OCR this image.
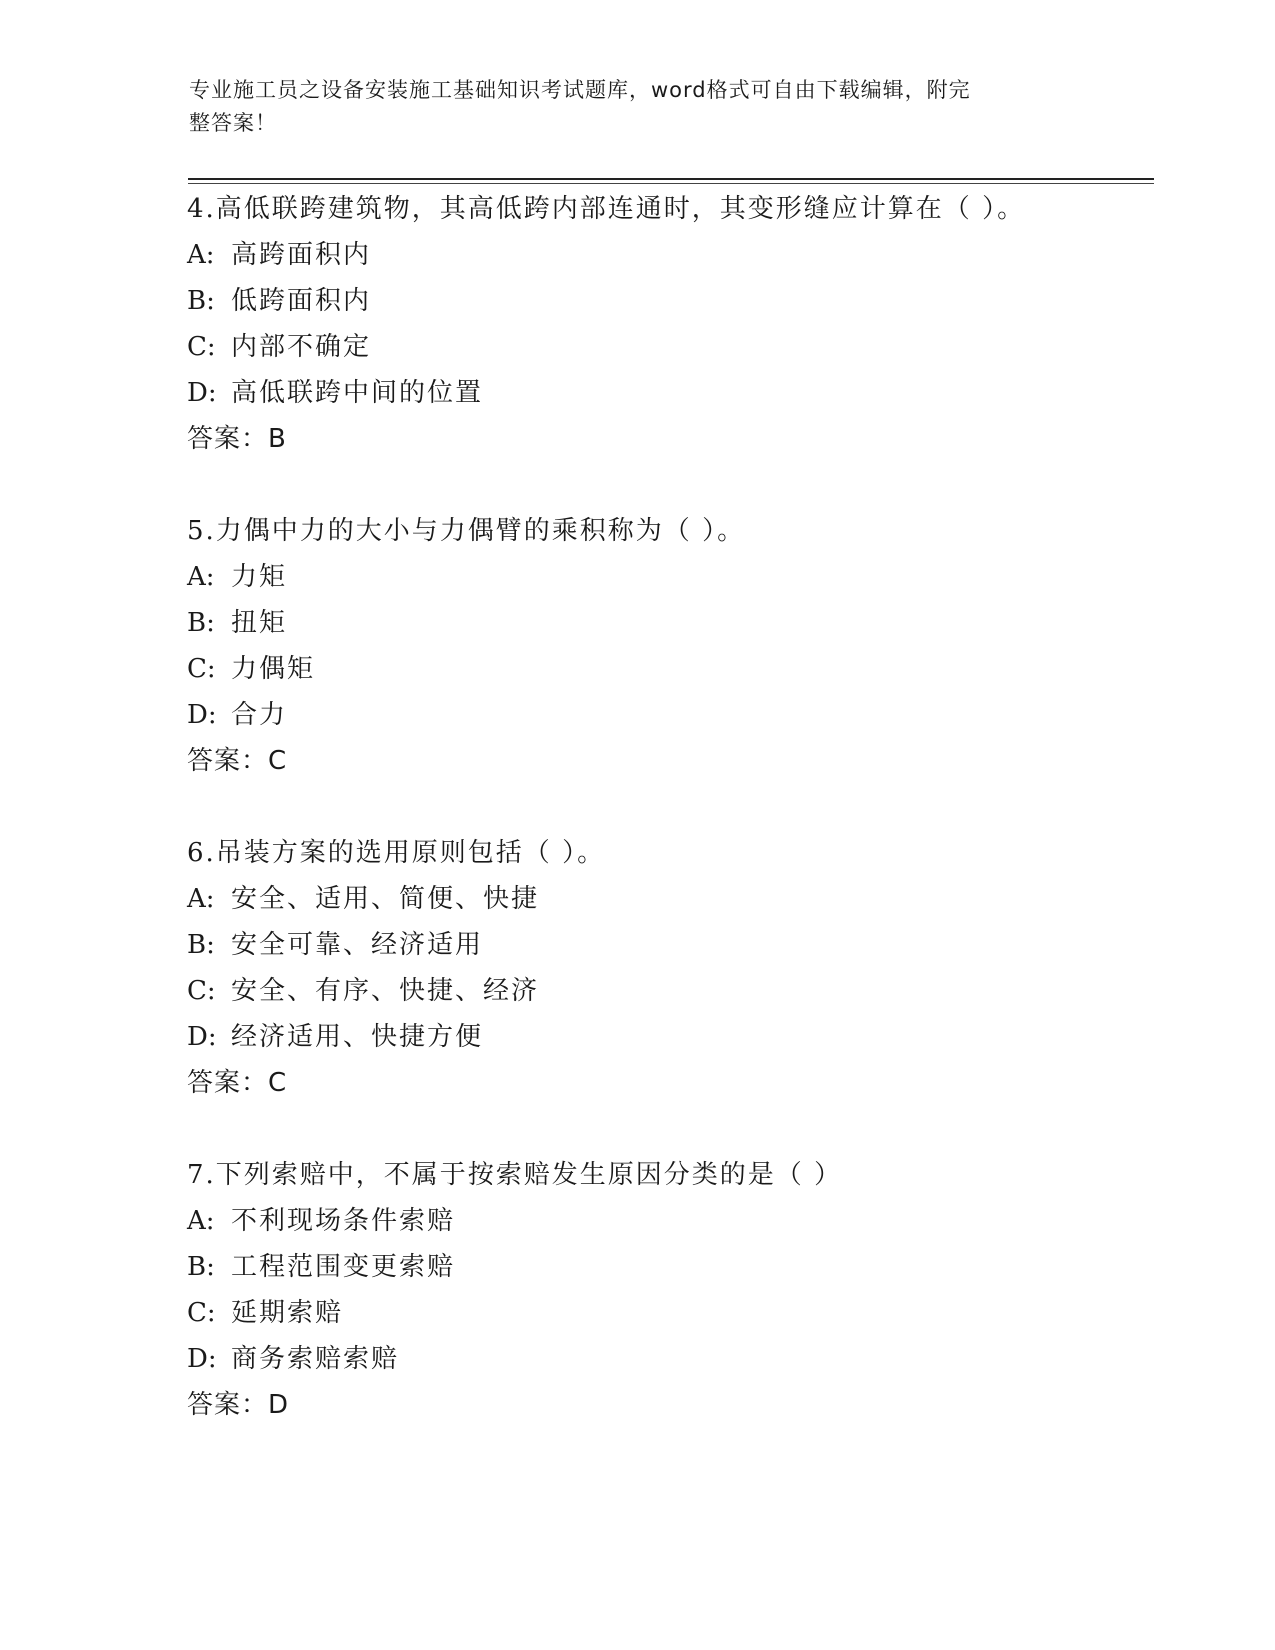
专业施工员之设备安装施工基础知识考试题库，word格式可自由下载编辑，附完
整答案！
4.高低联跨建筑物，其高低跨内部连通时，其变形缝应计算在（ ）。
A: 高跨面积内
B: 低跨面积内
C: 内部不确定
D: 高低联跨中间的位置
答案：B
5.力偶中力的大小与力偶臂的乘积称为（ ）。
A: 力矩
B: 扭矩
C: 力偶矩
D: 合力
答案：C
6.吊装方案的选用原则包括（ ）。
A: 安全、适用、简便、快捷
B: 安全可靠、经济适用
C: 安全、有序、快捷、经济
D: 经济适用、快捷方便
答案：C
7.下列索赔中，不属于按索赔发生原因分类的是（ ）
A: 不利现场条件索赔
B: 工程范围变更索赔
C: 延期索赔
D: 商务索赔索赔
答案：D
